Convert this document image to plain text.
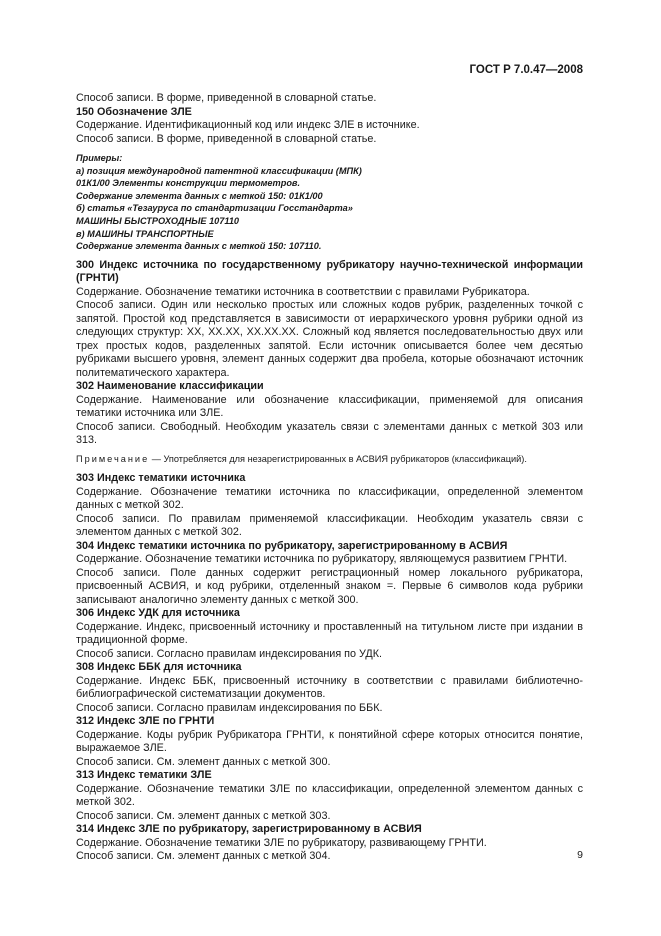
ГОСТ Р 7.0.47—2008

Способ записи. В форме, приведенной в словарной статье.

150 Обозначение ЗЛЕ

Содержание. Идентификационный код или индекс ЗЛЕ в источнике.

Способ записи. В форме, приведенной в словарной статье.

Примеры:

а) позиция международной патентной классификации (МПК)

01К1/00 Элементы конструкции термометров.

Содержание элемента данных с меткой 150: 01К1/00

б) статья «Тезауруса по стандартизации Госстандарта»

МАШИНЫ БЫСТРОХОДНЫЕ 107110

в) МАШИНЫ ТРАНСПОРТНЫЕ

Содержание элемента данных с меткой 150: 107110.

300 Индекс источника по государственному рубрикатору научно-технической информации (ГРНТИ)

Содержание. Обозначение тематики источника в соответствии с правилами Рубрикатора.

Способ записи. Один или несколько простых или сложных кодов рубрик, разделенных точкой с запятой. Простой код представляется в зависимости от иерархического уровня рубрики одной из следующих структур: XX, XX.XX, XX.XX.XX. Сложный код является последовательностью двух или трех простых кодов, разделенных запятой. Если источник описывается более чем десятью рубриками высшего уровня, элемент данных содержит два пробела, которые обозначают источник политематического характера.

302 Наименование классификации

Содержание. Наименование или обозначение классификации, применяемой для описания тематики источника или ЗЛЕ.

Способ записи. Свободный. Необходим указатель связи с элементами данных с меткой 303 или 313.

Примечание — Употребляется для незарегистрированных в АСВИЯ рубрикаторов (классификаций).

303 Индекс тематики источника

Содержание. Обозначение тематики источника по классификации, определенной элементом данных с меткой 302.

Способ записи. По правилам применяемой классификации. Необходим указатель связи с элементом данных с меткой 302.

304 Индекс тематики источника по рубрикатору, зарегистрированному в АСВИЯ

Содержание. Обозначение тематики источника по рубрикатору, являющемуся развитием ГРНТИ.

Способ записи. Поле данных содержит регистрационный номер локального рубрикатора, присвоенный АСВИЯ, и код рубрики, отделенный знаком =. Первые 6 символов кода рубрики записывают аналогично элементу данных с меткой 300.

306 Индекс УДК для источника

Содержание. Индекс, присвоенный источнику и проставленный на титульном листе при издании в традиционной форме.

Способ записи. Согласно правилам индексирования по УДК.

308 Индекс ББК для источника

Содержание. Индекс ББК, присвоенный источнику в соответствии с правилами библиотечно-библиографической систематизации документов.

Способ записи. Согласно правилам индексирования по ББК.

312 Индекс ЗЛЕ по ГРНТИ

Содержание. Коды рубрик Рубрикатора ГРНТИ, к понятийной сфере которых относится понятие, выражаемое ЗЛЕ.

Способ записи. См. элемент данных с меткой 300.

313 Индекс тематики ЗЛЕ

Содержание. Обозначение тематики ЗЛЕ по классификации, определенной элементом данных с меткой 302.

Способ записи. См. элемент данных с меткой 303.

314 Индекс ЗЛЕ по рубрикатору, зарегистрированному в АСВИЯ

Содержание. Обозначение тематики ЗЛЕ по рубрикатору, развивающему ГРНТИ.

Способ записи. См. элемент данных с меткой 304.	9
